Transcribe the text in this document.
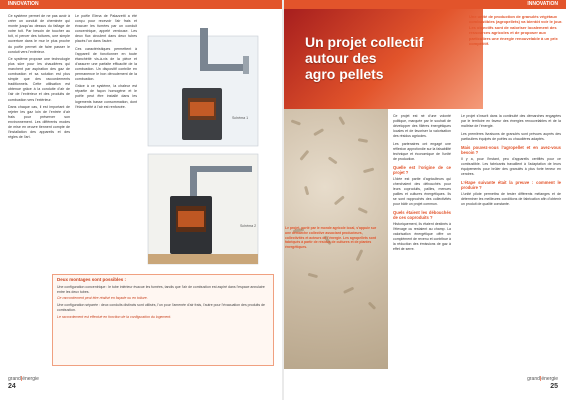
INNOVATION

Ce système permet de ne pas avoir à créer un conduit de cheminée qui monte jusqu’au dessus du faîtage de votre toit. Par besoin de toucher au toit, ni percer des toitures, une simple ouverture dans le mur le plus proche du poêle permet de faire passer le conduit vers l’extérieur.

Ce système propose une technologie plus sûre pour les chaudières qui marchent par aspiration des gaz de combustion et sa solution est plus simple que des raccordements traditionnels. Cette utilisation est obtenue grâce à la conduite d’air de l’air de l’extérieur et des produits de combustion vers l’extérieur.

Dans chaque cas, il est important de rejeter les gaz loin de l’entrée d’air frais pour préserver son environnement. Les différents modes de mise en œuvre tiennent compte de l’installation des appareils et des règles de l’art.

Le poêle Elena de Palazzetti a été conçu pour recevoir l’air frais et évacuer les fumées par un conduit concentrique, appelé ventouse. Les deux flux circulent dans deux tubes placés l’un dans l’autre.

Ces caractéristiques permettent à l’appareil de fonctionner en toute étanchéité vis-à-vis de la pièce et d’assurer une parfaite efficacité de la combustion. Un dispositif contrôle en permanence le bon déroulement de la combustion.

Grâce à ce système, la chaleur est répartie de façon homogène et le poêle peut être installé dans les logements basse consommation, dont l’étanchéité à l’air est renforcée.

Schéma 1
Schéma 2
Deux montages sont possibles :

Une configuration concentrique : le tube intérieur évacue les fumées, tandis que l’air de combustion est aspiré dans l’espace annulaire entre les deux tubes.

Ce raccordement peut être réalisé en façade ou en toiture.

Une configuration séparée : deux conduits distincts sont utilisés, l’un pour l’amenée d’air frais, l’autre pour l’évacuation des produits de combustion.

Le raccordement est effectué en fonction de la configuration du logement.

grand|énergie
24
INNOVATION
Un projet collectif
autour des
agro pellets
Une unité de production de granulés végétaux combustibles (agropellets) va bientôt voir le jour. Les objectifs sont de valoriser localement des ressources agricoles et de proposer aux particuliers une énergie renouvelable à un prix compétitif.
Le projet, porté par le monde agricole local, s’appuie sur une démarche collective associant producteurs, collectivités et acteurs de l’énergie. Les agropellets sont fabriqués à partir de résidus de cultures et de plantes énergétiques.

Ce projet est né d’une volonté politique, marquée par le souhait de développer des filières énergétiques locales et de favoriser la valorisation des résidus agricoles.

Les partenaires ont engagé une réflexion approfondie sur la faisabilité technique et économique de l’unité de production.

Quelle est l’origine de ce projet ?

L’idée est partie d’agriculteurs qui cherchaient des débouchés pour leurs coproduits, pailles, menues pailles et cultures énergétiques. Ils se sont rapprochés des collectivités pour bâtir un projet commun.

Quels étaient les débouchés de ces coproduits ?

Historiquement, ils étaient destinés à l’élevage ou restaient au champ. La valorisation énergétique offre un complément de revenu et contribue à la réduction des émissions de gaz à effet de serre.

Le projet s’inscrit dans la continuité des démarches engagées par le territoire en faveur des énergies renouvelables et de la maîtrise de l’énergie.

Les premières livraisons de granulés sont prévues auprès des particuliers équipés de poêles ou chaudières adaptés.

Mais pouvez-vous l’agropellet et en avez-vous besoin ?

Il y a, pour l’instant, peu d’appareils certifiés pour ce combustible. Les fabricants travaillent à l’adaptation de leurs équipements pour brûler des granulés à plus forte teneur en cendres.

L’étape suivante était la preuve : comment le produire ?

L’unité pilote permettra de tester différents mélanges et de déterminer les meilleures conditions de fabrication afin d’obtenir un produit de qualité constante.

grand|énergie
25
